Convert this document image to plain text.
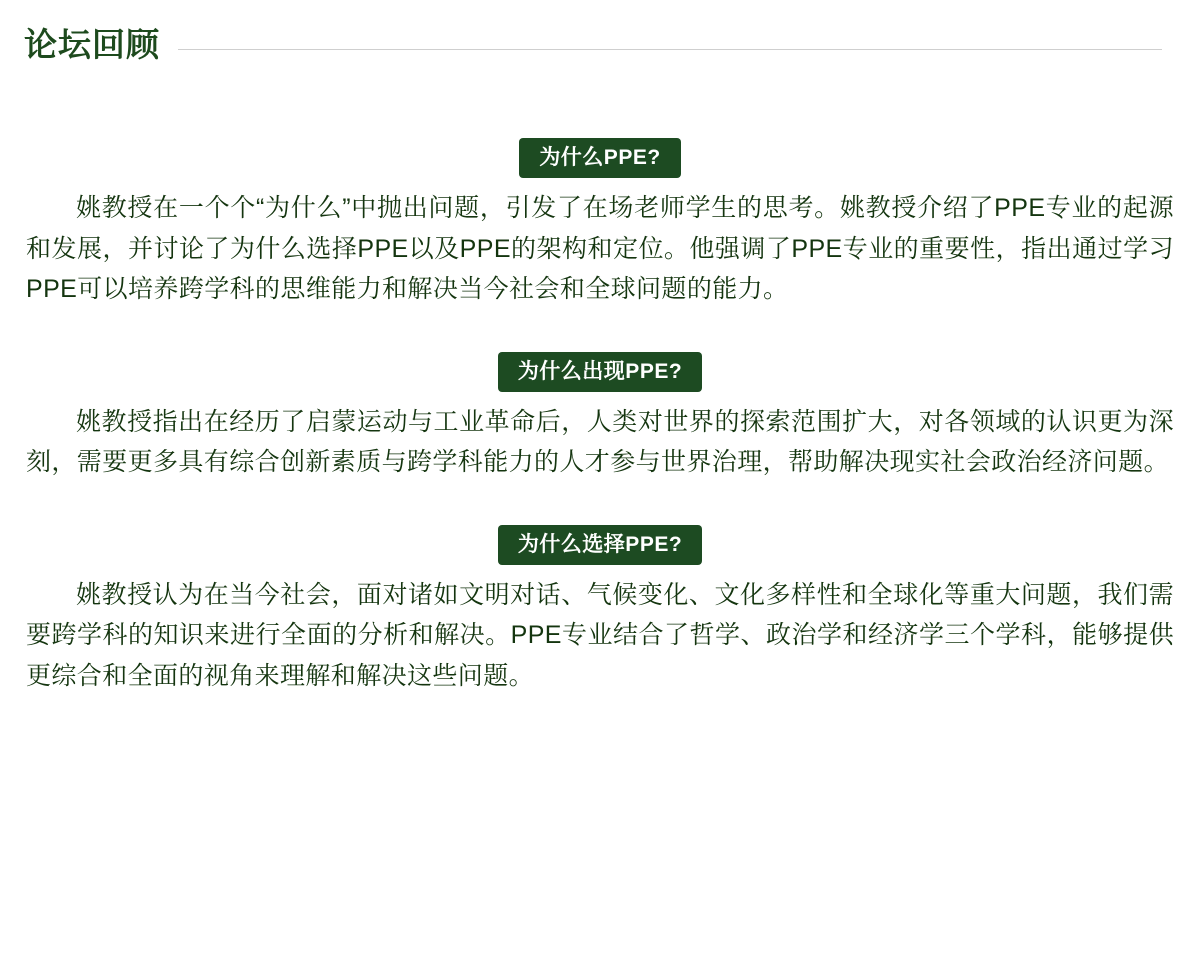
论坛回顾
为什么PPE?

姚教授在一个个“为什么”中抛出问题，引发了在场老师学生的思考。姚教授介绍了PPE专业的起源和发展，并讨论了为什么选择PPE以及PPE的架构和定位。他强调了PPE专业的重要性，指出通过学习PPE可以培养跨学科的思维能力和解决当今社会和全球问题的能力。

为什么出现PPE?

姚教授指出在经历了启蒙运动与工业革命后，人类对世界的探索范围扩大，对各领域的认识更为深刻，需要更多具有综合创新素质与跨学科能力的人才参与世界治理，帮助解决现实社会政治经济问题。

为什么选择PPE?

姚教授认为在当今社会，面对诸如文明对话、气候变化、文化多样性和全球化等重大问题，我们需要跨学科的知识来进行全面的分析和解决。PPE专业结合了哲学、政治学和经济学三个学科，能够提供更综合和全面的视角来理解和解决这些问题。
